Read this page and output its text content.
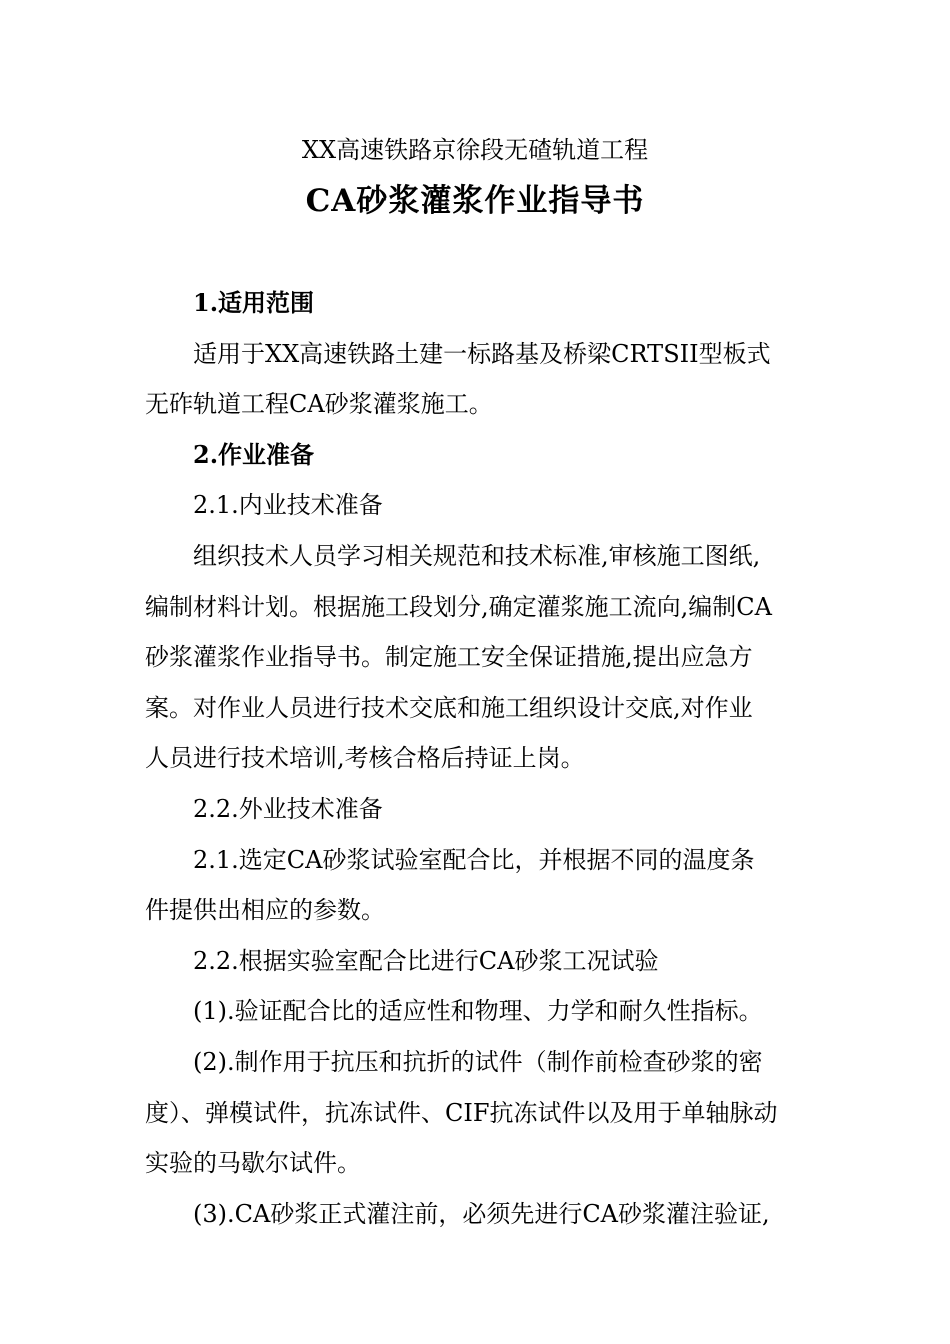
XX高速铁路京徐段无碴轨道工程
CA砂浆灌浆作业指导书
1.适用范围
适用于XX高速铁路土建一标路基及桥梁CRTSII型板式
无砟轨道工程CA砂浆灌浆施工。
2.作业准备
2.1.内业技术准备
组织技术人员学习相关规范和技术标准,审核施工图纸,
编制材料计划。根据施工段划分,确定灌浆施工流向,编制CA
砂浆灌浆作业指导书。制定施工安全保证措施,提出应急方
案。对作业人员进行技术交底和施工组织设计交底,对作业
人员进行技术培训,考核合格后持证上岗。
2.2.外业技术准备
2.1.选定CA砂浆试验室配合比，并根据不同的温度条
件提供出相应的参数。
2.2.根据实验室配合比进行CA砂浆工况试验
(1).验证配合比的适应性和物理、力学和耐久性指标。
(2).制作用于抗压和抗折的试件（制作前检查砂浆的密
度）、弹模试件，抗冻试件、CIF抗冻试件以及用于单轴脉动
实验的马歇尔试件。
(3).CA砂浆正式灌注前，必须先进行CA砂浆灌注验证,
